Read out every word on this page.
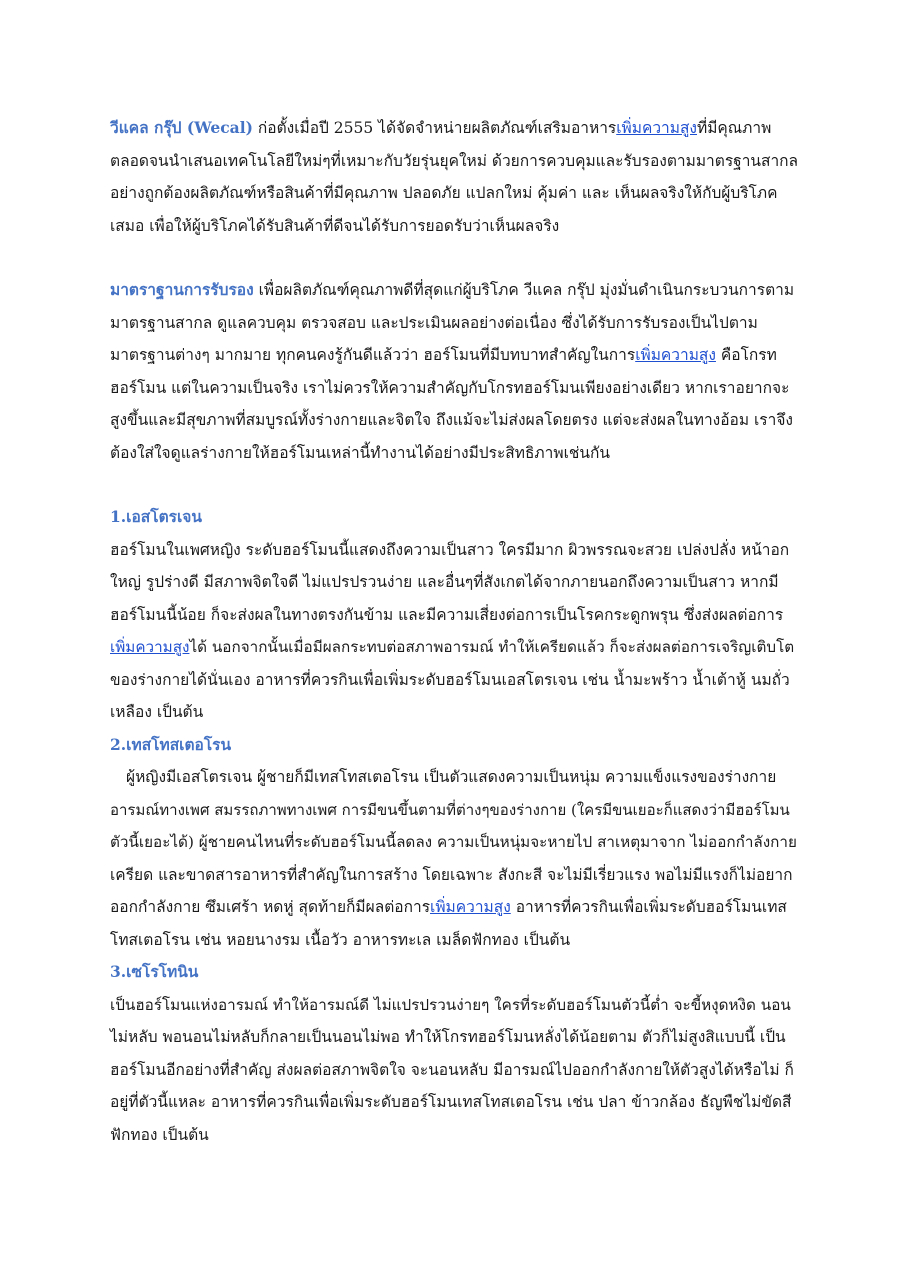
วีแคล กรุ๊ป (Wecal) ก่อตั้งเมื่อปี 2555 ได้จัดจำหน่ายผลิตภัณฑ์เสริมอาหารเพิ่มความสูงที่มีคุณภาพ
ตลอดจนนำเสนอเทคโนโลยีใหม่ๆที่เหมาะกับวัยรุ่นยุคใหม่ ด้วยการควบคุมและรับรองตามมาตรฐานสากล
อย่างถูกต้องผลิตภัณฑ์หรือสินค้าที่มีคุณภาพ ปลอดภัย แปลกใหม่ คุ้มค่า และ เห็นผลจริงให้กับผู้บริโภค
เสมอ เพื่อให้ผู้บริโภคได้รับสินค้าที่ดีจนได้รับการยอดรับว่าเห็นผลจริง

มาตราฐานการรับรอง เพื่อผลิตภัณฑ์คุณภาพดีที่สุดแก่ผู้บริโภค วีแคล กรุ๊ป มุ่งมั่นดำเนินกระบวนการตาม
มาตรฐานสากล ดูแลควบคุม ตรวจสอบ และประเมินผลอย่างต่อเนื่อง ซึ่งได้รับการรับรองเป็นไปตาม
มาตรฐานต่างๆ มากมาย ทุกคนคงรู้กันดีแล้วว่า ฮอร์โมนที่มีบทบาทสำคัญในการเพิ่มความสูง คือโกรท
ฮอร์โมน แต่ในความเป็นจริง เราไม่ควรให้ความสำคัญกับโกรทฮอร์โมนเพียงอย่างเดียว หากเราอยากจะ
สูงขึ้นและมีสุขภาพที่สมบูรณ์ทั้งร่างกายและจิตใจ ถึงแม้จะไม่ส่งผลโดยตรง แต่จะส่งผลในทางอ้อม เราจึง
ต้องใส่ใจดูแลร่างกายให้ฮอร์โมนเหล่านี้ทำงานได้อย่างมีประสิทธิภาพเช่นกัน

1.เอสโตรเจน

ฮอร์โมนในเพศหญิง ระดับฮอร์โมนนี้แสดงถึงความเป็นสาว ใครมีมาก ผิวพรรณจะสวย เปล่งปลั่ง หน้าอก
ใหญ่ รูปร่างดี มีสภาพจิตใจดี ไม่แปรปรวนง่าย และอื่นๆที่สังเกตได้จากภายนอกถึงความเป็นสาว หากมี
ฮอร์โมนนี้น้อย ก็จะส่งผลในทางตรงกันข้าม และมีความเสี่ยงต่อการเป็นโรคกระดูกพรุน ซึ่งส่งผลต่อการ
เพิ่มความสูงได้ นอกจากนั้นเมื่อมีผลกระทบต่อสภาพอารมณ์ ทำให้เครียดแล้ว ก็จะส่งผลต่อการเจริญเติบโต
ของร่างกายได้นั่นเอง อาหารที่ควรกินเพื่อเพิ่มระดับฮอร์โมนเอสโตรเจน เช่น น้ำมะพร้าว น้ำเต้าหู้ นมถั่ว
เหลือง เป็นต้น

2.เทสโทสเตอโรน

ผู้หญิงมีเอสโตรเจน ผู้ชายก็มีเทสโทสเตอโรน เป็นตัวแสดงความเป็นหนุ่ม ความแข็งแรงของร่างกาย
อารมณ์ทางเพศ สมรรถภาพทางเพศ การมีขนขึ้นตามที่ต่างๆของร่างกาย (ใครมีขนเยอะก็แสดงว่ามีฮอร์โมน
ตัวนี้เยอะได้) ผู้ชายคนไหนที่ระดับฮอร์โมนนี้ลดลง ความเป็นหนุ่มจะหายไป สาเหตุมาจาก ไม่ออกกำลังกาย
เครียด และขาดสารอาหารที่สำคัญในการสร้าง โดยเฉพาะ สังกะสี จะไม่มีเรี่ยวแรง พอไม่มีแรงก็ไม่อยาก
ออกกำลังกาย ซึมเศร้า หดหู่ สุดท้ายก็มีผลต่อการเพิ่มความสูง อาหารที่ควรกินเพื่อเพิ่มระดับฮอร์โมนเทส
โทสเตอโรน เช่น หอยนางรม เนื้อวัว อาหารทะเล เมล็ดฟักทอง เป็นต้น

3.เซโรโทนิน

เป็นฮอร์โมนแห่งอารมณ์ ทำให้อารมณ์ดี ไม่แปรปรวนง่ายๆ ใครที่ระดับฮอร์โมนตัวนี้ต่ำ จะขี้หงุดหงิด นอน
ไม่หลับ พอนอนไม่หลับก็กลายเป็นนอนไม่พอ ทำให้โกรทฮอร์โมนหลั่งได้น้อยตาม ตัวก็ไม่สูงสิแบบนี้ เป็น
ฮอร์โมนอีกอย่างที่สำคัญ ส่งผลต่อสภาพจิตใจ จะนอนหลับ มีอารมณ์ไปออกกำลังกายให้ตัวสูงได้หรือไม่ ก็
อยู่ที่ตัวนี้แหละ อาหารที่ควรกินเพื่อเพิ่มระดับฮอร์โมนเทสโทสเตอโรน เช่น ปลา ข้าวกล้อง ธัญพืชไม่ขัดสี
ฟักทอง เป็นต้น
